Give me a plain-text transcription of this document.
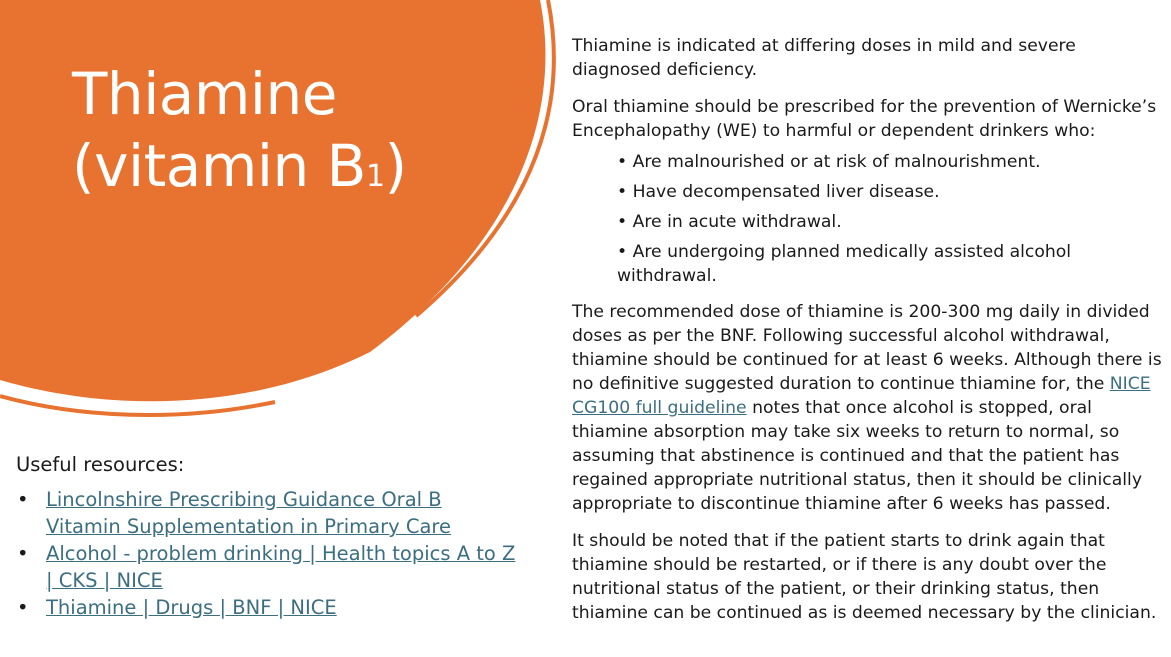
Thiamine
(vitamin B1)

Useful resources:

• Lincolnshire Prescribing Guidance Oral B
Vitamin Supplementation in Primary Care
• Alcohol - problem drinking | Health topics A to Z
| CKS | NICE
• Thiamine | Drugs | BNF | NICE

Thiamine is indicated at differing doses in mild and severe diagnosed deficiency.

Oral thiamine should be prescribed for the prevention of Wernicke’s Encephalopathy (WE) to harmful or dependent drinkers who:

• Are malnourished or at risk of malnourishment.
• Have decompensated liver disease.
• Are in acute withdrawal.
• Are undergoing planned medically assisted alcohol withdrawal.

The recommended dose of thiamine is 200-300 mg daily in divided doses as per the BNF. Following successful alcohol withdrawal, thiamine should be continued for at least 6 weeks. Although there is no definitive suggested duration to continue thiamine for, the NICE CG100 full guideline notes that once alcohol is stopped, oral thiamine absorption may take six weeks to return to normal, so assuming that abstinence is continued and that the patient has regained appropriate nutritional status, then it should be clinically appropriate to discontinue thiamine after 6 weeks has passed.

It should be noted that if the patient starts to drink again that thiamine should be restarted, or if there is any doubt over the nutritional status of the patient, or their drinking status, then thiamine can be continued as is deemed necessary by the clinician.
